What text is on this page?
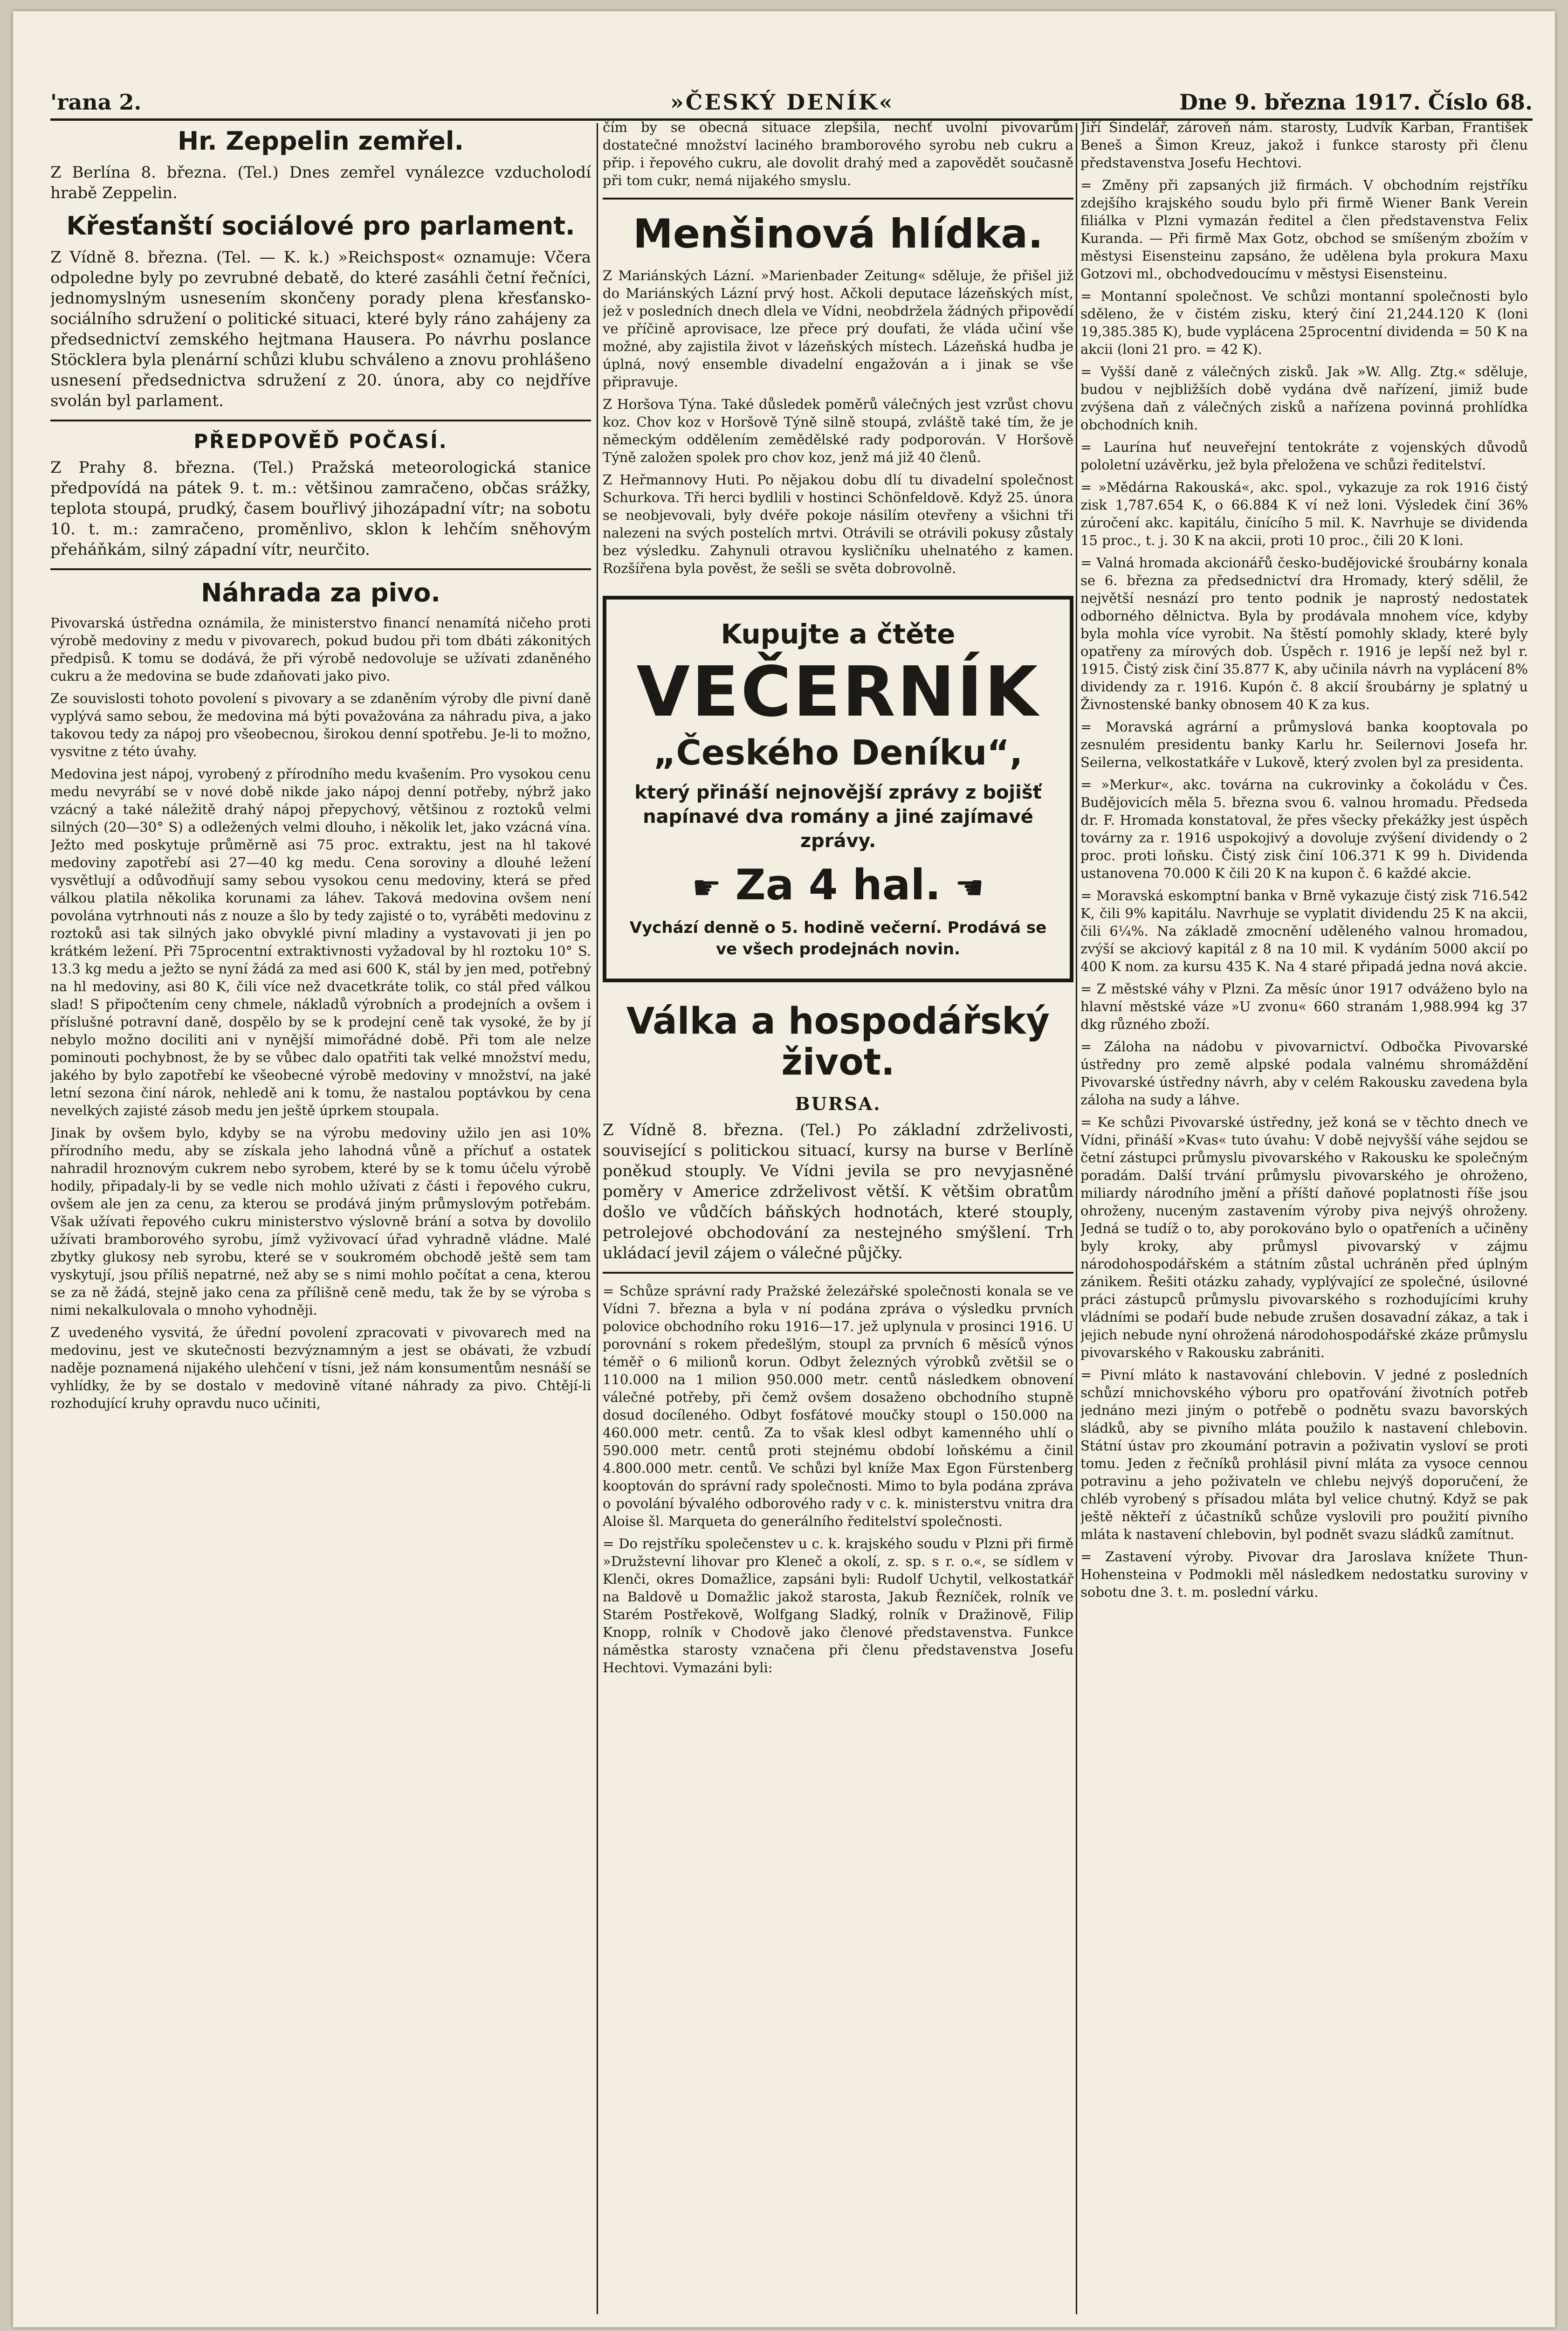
'rana 2.	»ČESKÝ DENÍK«	Dne 9. března 1917. Číslo 68.
Hr. Zeppelin zemřel.

Z Berlína 8. března. (Tel.) Dnes zemřel vynálezce vzducholodí hrabě Zeppelin.

Křesťanští sociálové pro parlament.

Z Vídně 8. března. (Tel. — K. k.) »Reichspost« oznamuje: Včera odpoledne byly po zevrubné debatě, do které zasáhli četní řečníci, jednomyslným usnesením skončeny porady plena křesťansko-sociálního sdružení o politické situaci, které byly ráno zahájeny za předsednictví zemského hejtmana Hausera. Po návrhu poslance Stöcklera byla plenární schůzi klubu schváleno a znovu prohlášeno usnesení předsednictva sdružení z 20. února, aby co nejdříve svolán byl parlament.

PŘEDPOVĚĎ POČASÍ.

Z Prahy 8. března. (Tel.) Pražská meteorologická stanice předpovídá na pátek 9. t. m.: většinou zamračeno, občas srážky, teplota stoupá, prudký, časem bouřlivý jihozápadní vítr; na sobotu 10. t. m.: zamračeno, proměnlivo, sklon k lehčím sněhovým přeháňkám, silný západní vítr, neurčito.

Náhrada za pivo.

Pivovarská ústředna oznámila, že ministerstvo financí nenamítá ničeho proti výrobě medoviny z medu v pivovarech, pokud budou při tom dbáti zákonitých předpisů. K tomu se dodává, že při výrobě nedovoluje se užívati zdaněného cukru a že medovina se bude zdaňovati jako pivo.

Ze souvislosti tohoto povolení s pivovary a se zdaněním výroby dle pivní daně vyplývá samo sebou, že medovina má býti považována za náhradu piva, a jako takovou tedy za nápoj pro všeobecnou, širokou denní spotřebu. Je-li to možno, vysvitne z této úvahy.

Medovina jest nápoj, vyrobený z přírodního medu kvašením. Pro vysokou cenu medu nevyrábí se v nové době nikde jako nápoj denní potřeby, nýbrž jako vzácný a také náležitě drahý nápoj přepychový, většinou z roztoků velmi silných (20—30° S) a odležených velmi dlouho, i několik let, jako vzácná vína. Ježto med poskytuje průměrně asi 75 proc. extraktu, jest na hl takové medoviny zapotřebí asi 27—40 kg medu. Cena soroviny a dlouhé ležení vysvětlují a odůvodňují samy sebou vysokou cenu medoviny, která se před válkou platila několika korunami za láhev. Taková medovina ovšem není povolána vytrhnouti nás z nouze a šlo by tedy zajisté o to, vyráběti medovinu z roztoků asi tak silných jako obvyklé pivní mladiny a vystavovati ji jen po krátkém ležení. Při 75procentní extraktivnosti vyžadoval by hl roztoku 10° S. 13.3 kg medu a ježto se nyní žádá za med asi 600 K, stál by jen med, potřebný na hl medoviny, asi 80 K, čili více než dvacetkráte tolik, co stál před válkou slad! S připočtením ceny chmele, nákladů výrobních a prodejních a ovšem i příslušné potravní daně, dospělo by se k prodejní ceně tak vysoké, že by jí nebylo možno dociliti ani v nynější mimořádné době. Při tom ale nelze pominouti pochybnost, že by se vůbec dalo opatřiti tak velké množství medu, jakého by bylo zapotřebí ke všeobecné výrobě medoviny v množství, na jaké letní sezona činí nárok, nehledě ani k tomu, že nastalou poptávkou by cena nevelkých zajisté zásob medu jen ještě úprkem stoupala.

Jinak by ovšem bylo, kdyby se na výrobu medoviny užilo jen asi 10% přírodního medu, aby se získala jeho lahodná vůně a příchuť a ostatek nahradil hroznovým cukrem nebo syrobem, které by se k tomu účelu výrobě hodily, připadaly-li by se vedle nich mohlo užívati z části i řepového cukru, ovšem ale jen za cenu, za kterou se prodává jiným průmyslovým potřebám. Však užívati řepového cukru ministerstvo výslovně brání a sotva by dovolilo užívati bramborového syrobu, jímž vyživovací úřad vyhradně vládne. Malé zbytky glukosy neb syrobu, které se v soukromém obchodě ještě sem tam vyskytují, jsou příliš nepatrné, než aby se s nimi mohlo počítat a cena, kterou se za ně žádá, stejně jako cena za přílišně ceně medu, tak že by se výroba s nimi nekalkulovala o mnoho vyhodněji.

Z uvedeného vysvitá, že úřední povolení zpracovati v pivovarech med na medovinu, jest ve skutečnosti bezvýznamným a jest se obávati, že vzbudí naděje poznamená nijakého ulehčení v tísni, jež nám konsumentům nesnáší se vyhlídky, že by se dostalo v medovině vítané náhrady za pivo. Chtějí-li rozhodující kruhy opravdu nuco učiniti,

čím by se obecná situace zlepšila, nechť uvolní pivovarům dostatečné množství laciného bramborového syrobu neb cukru a přip. i řepového cukru, ale dovolit drahý med a zapovědět současně při tom cukr, nemá nijakého smyslu.

Menšinová hlídka.

Z Mariánských Lázní. »Marienbader Zeitung« sděluje, že přišel již do Mariánských Lázní prvý host. Ačkoli deputace lázeňských míst, jež v posledních dnech dlela ve Vídni, neobdržela žádných připovědí ve příčině aprovisace, lze přece prý doufati, že vláda učiní vše možné, aby zajistila život v lázeňských místech. Lázeňská hudba je úplná, nový ensemble divadelní engažován a i jinak se vše připravuje.

Z Horšova Týna. Také důsledek poměrů válečných jest vzrůst chovu koz. Chov koz v Horšově Týně silně stoupá, zvláště také tím, že je německým oddělením zemědělské rady podporován. V Horšově Týně založen spolek pro chov koz, jenž má již 40 členů.

Z Heřmannovy Huti. Po nějakou dobu dlí tu divadelní společnost Schurkova. Tři herci bydlili v hostinci Schönfeldově. Když 25. února se neobjevovali, byly dvéře pokoje násilím otevřeny a všichni tři nalezeni na svých postelích mrtvi. Otrávili se otrávili pokusy zůstaly bez výsledku. Zahynuli otravou kysličníku uhelnatého z kamen. Rozšířena byla pověst, že sešli se světa dobrovolně.

Kupujte a čtěte
VEČERNÍK
„Českého Deníku“,
který přináší nejnovější zprávy z bojišť napínavé dva romány a jiné zajímavé zprávy.
☛ Za 4 hal. ☚
Vychází denně o 5. hodině večerní. Prodává se ve všech prodejnách novin.
Válka a hospodářský život.
BURSA.

Z Vídně 8. března. (Tel.) Po základní zdrželivosti, související s politickou situací, kursy na burse v Berlíně poněkud stouply. Ve Vídni jevila se pro nevyjasněné poměry v Americe zdrželivost větší. K většim obratům došlo ve vůdčích báňských hodnotách, které stouply, petrolejové obchodování za nestejného smýšlení. Trh ukládací jevil zájem o válečné půjčky.

= Schůze správní rady Pražské železářské společnosti konala se ve Vídni 7. března a byla v ní podána zpráva o výsledku prvních polovice obchodního roku 1916—17. jež uplynula v prosinci 1916. U porovnání s rokem předešlým, stoupl za prvních 6 měsíců výnos téměř o 6 milionů korun. Odbyt železných výrobků zvětšil se o 110.000 na 1 milion 950.000 metr. centů následkem obnovení válečné potřeby, při čemž ovšem dosaženo obchodního stupně dosud docíleného. Odbyt fosfátové moučky stoupl o 150.000 na 460.000 metr. centů. Za to však klesl odbyt kamenného uhlí o 590.000 metr. centů proti stejnému období loňskému a činil 4.800.000 metr. centů. Ve schůzi byl kníže Max Egon Fürstenberg kooptován do správní rady společnosti. Mimo to byla podána zpráva o povolání bývalého odborového rady v c. k. ministerstvu vnitra dra Aloise šl. Marqueta do generálního ředitelství společnosti.

= Do rejstříku společenstev u c. k. krajského soudu v Plzni při firmě »Družstevní lihovar pro Kleneč a okolí, z. sp. s r. o.«, se sídlem v Klenči, okres Domažlice, zapsáni byli: Rudolf Uchytil, velkostatkář na Baldově u Domažlic jakož starosta, Jakub Řezníček, rolník ve Starém Postřekově, Wolfgang Sladký, rolník v Dražinově, Filip Knopp, rolník v Chodově jako členové představenstva. Funkce náměstka starosty vznačena při členu představenstva Josefu Hechtovi. Vymazáni byli:

Jiří Šindelář, zároveň nám. starosty, Ludvík Karban, František Beneš a Šimon Kreuz, jakož i funkce starosty při členu představenstva Josefu Hechtovi.

= Změny při zapsaných již firmách. V obchodním rejstříku zdejšího krajského soudu bylo při firmě Wiener Bank Verein filiálka v Plzni vymazán ředitel a člen představenstva Felix Kuranda. — Při firmě Max Gotz, obchod se smíšeným zbožím v městysi Eisensteinu zapsáno, že udělena byla prokura Maxu Gotzovi ml., obchodvedoucímu v městysi Eisensteinu.

= Montanní společnost. Ve schůzi montanní společnosti bylo sděleno, že v čistém zisku, který činí 21,244.120 K (loni 19,385.385 K), bude vyplácena 25procentní dividenda = 50 K na akcii (loni 21 pro. = 42 K).

= Vyšší daně z válečných zisků. Jak »W. Allg. Ztg.« sděluje, budou v nejbližších době vydána dvě nařízení, jimiž bude zvýšena daň z válečných zisků a nařízena povinná prohlídka obchodních knih.

= Laurína huť neuveřejní tentokráte z vojenských důvodů pololetní uzávěrku, jež byla přeložena ve schůzi ředitelství.

= »Mědárna Rakouská«, akc. spol., vykazuje za rok 1916 čistý zisk 1,787.654 K, o 66.884 K ví než loni. Výsledek činí 36% zúročení akc. kapitálu, činícího 5 mil. K. Navrhuje se dividenda 15 proc., t. j. 30 K na akcii, proti 10 proc., čili 20 K loni.

= Valná hromada akcionářů česko-budějovické šroubárny konala se 6. března za předsednictví dra Hromady, který sdělil, že největší nesnází pro tento podnik je naprostý nedostatek odborného dělnictva. Byla by prodávala mnohem více, kdyby byla mohla více vyrobit. Na štěstí pomohly sklady, které byly opatřeny za mírových dob. Úspěch r. 1916 je lepší než byl r. 1915. Čistý zisk činí 35.877 K, aby učinila návrh na vyplácení 8% dividendy za r. 1916. Kupón č. 8 akcií šroubárny je splatný u Živnostenské banky obnosem 40 K za kus.

= Moravská agrární a průmyslová banka kooptovala po zesnulém presidentu banky Karlu hr. Seilernovi Josefa hr. Seilerna, velkostatkáře v Lukově, který zvolen byl za presidenta.

= »Merkur«, akc. továrna na cukrovinky a čokoládu v Čes. Budějovicích měla 5. března svou 6. valnou hromadu. Předseda dr. F. Hromada konstatoval, že přes všecky překážky jest úspěch továrny za r. 1916 uspokojivý a dovoluje zvýšení dividendy o 2 proc. proti loňsku. Čistý zisk činí 106.371 K 99 h. Dividenda ustanovena 70.000 K čili 20 K na kupon č. 6 každé akcie.

= Moravská eskomptní banka v Brně vykazuje čistý zisk 716.542 K, čili 9% kapitálu. Navrhuje se vyplatit dividendu 25 K na akcii, čili 6¼%. Na základě zmocnění uděleného valnou hromadou, zvýší se akciový kapitál z 8 na 10 mil. K vydáním 5000 akcií po 400 K nom. za kursu 435 K. Na 4 staré připadá jedna nová akcie.

= Z městské váhy v Plzni. Za měsíc únor 1917 odváženo bylo na hlavní městské váze »U zvonu« 660 stranám 1,988.994 kg 37 dkg různého zboží.

= Záloha na nádobu v pivovarnictví. Odbočka Pivovarské ústředny pro země alpské podala valnému shromáždění Pivovarské ústředny návrh, aby v celém Rakousku zavedena byla záloha na sudy a láhve.

= Ke schůzi Pivovarské ústředny, jež koná se v těchto dnech ve Vídni, přináší »Kvas« tuto úvahu: V době nejvyšší váhe sejdou se četní zástupci průmyslu pivovarského v Rakousku ke společným poradám. Další trvání průmyslu pivovarského je ohroženo, miliardy národního jmění a příští daňové poplatnosti říše jsou ohroženy, nuceným zastavením výroby piva nejvýš ohroženy. Jedná se tudíž o to, aby porokováno bylo o opatřeních a učiněny byly kroky, aby průmysl pivovarský v zájmu národohospodářském a státním zůstal uchráněn před úplným zánikem. Řešiti otázku zahady, vyplývající ze společné, úsilovné práci zástupců průmyslu pivovarského s rozhodujícími kruhy vládními se podaří bude nebude zrušen dosavadní zákaz, a tak i jejich nebude nyní ohrožená národohospodářské zkáze průmyslu pivovarského v Rakousku zabrániti.

= Pivní mláto k nastavování chlebovin. V jedné z posledních schůzí mnichovského výboru pro opatřování životních potřeb jednáno mezi jiným o potřebě o podnětu svazu bavorských sládků, aby se pivního mláta použilo k nastavení chlebovin. Státní ústav pro zkoumání potravin a poživatin vysloví se proti tomu. Jeden z řečníků prohlásil pivní mláta za vysoce cennou potravinu a jeho poživateln ve chlebu nejvýš doporučení, že chléb vyrobený s přísadou mláta byl velice chutný. Když se pak ještě někteří z účastníků schůze vyslovili pro použití pivního mláta k nastavení chlebovin, byl podnět svazu sládků zamítnut.

= Zastavení výroby. Pivovar dra Jaroslava knížete Thun-Hohensteina v Podmokli měl následkem nedostatku suroviny v sobotu dne 3. t. m. poslední várku.
